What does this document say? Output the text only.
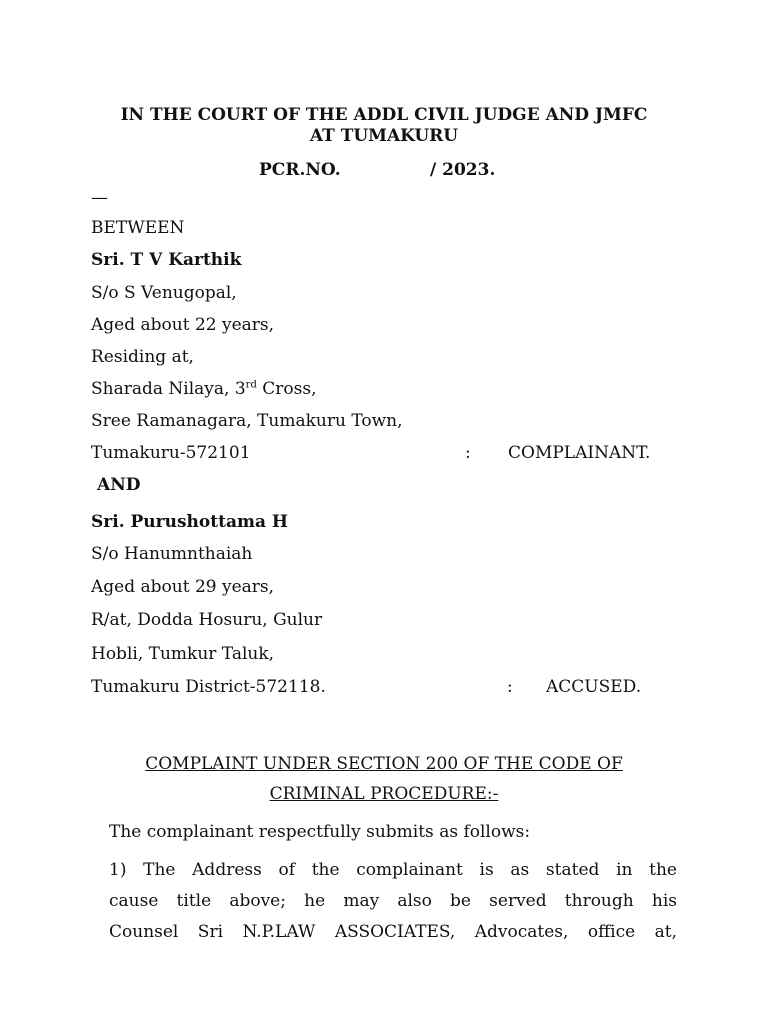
IN THE COURT OF THE ADDL CIVIL JUDGE AND JMFC
AT TUMAKURU
PCR.NO.	/ 2023.
—
BETWEEN
Sri. T V Karthik
S/o S Venugopal,
Aged about 22 years,
Residing at,
Sharada Nilaya, 3rd Cross,
Sree Ramanagara, Tumakuru Town,
Tumakuru-572101	: COMPLAINANT.
AND
Sri. Purushottama H
S/o Hanumnthaiah
Aged about 29 years,
R/at, Dodda Hosuru, Gulur
Hobli, Tumkur Taluk,
Tumakuru District-572118.	: ACCUSED.
COMPLAINT UNDER SECTION 200 OF THE CODE OF
CRIMINAL PROCEDURE:-
The complainant respectfully submits as follows:
1) The Address of the complainant is as stated in the
cause title above; he may also be served through his
Counsel Sri N.P.LAW ASSOCIATES, Advocates, office at,
